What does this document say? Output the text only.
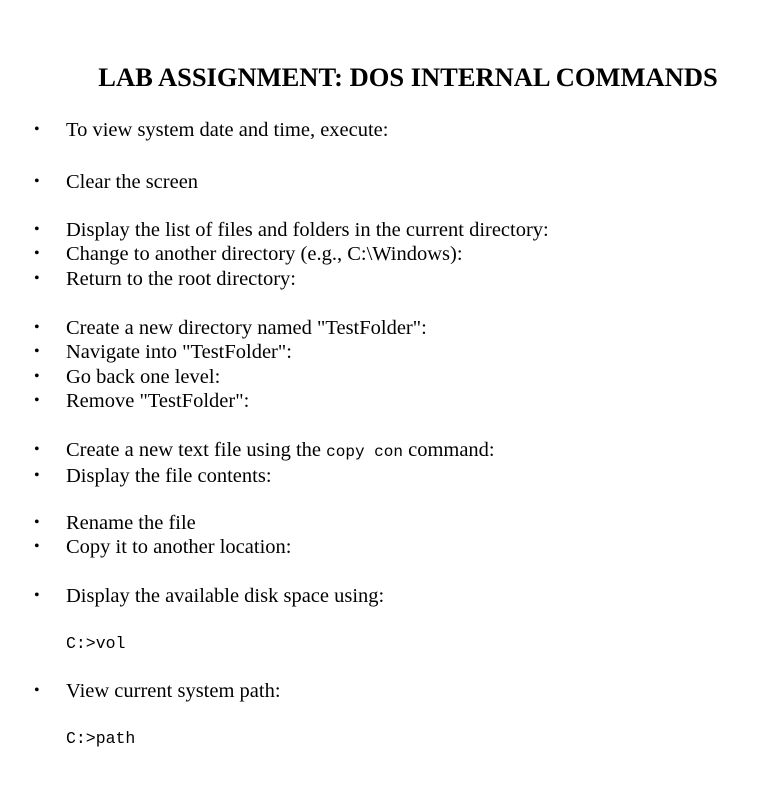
LAB ASSIGNMENT: DOS INTERNAL COMMANDS
• To view system date and time, execute:
• Clear the screen
• Display the list of files and folders in the current directory:
• Change to another directory (e.g., C:\Windows):
• Return to the root directory:
• Create a new directory named "TestFolder":
• Navigate into "TestFolder":
• Go back one level:
• Remove "TestFolder":
• Create a new text file using the copy con command:
• Display the file contents:
• Rename the file
• Copy it to another location:
• Display the available disk space using:
C:>vol
• View current system path:
C:>path
